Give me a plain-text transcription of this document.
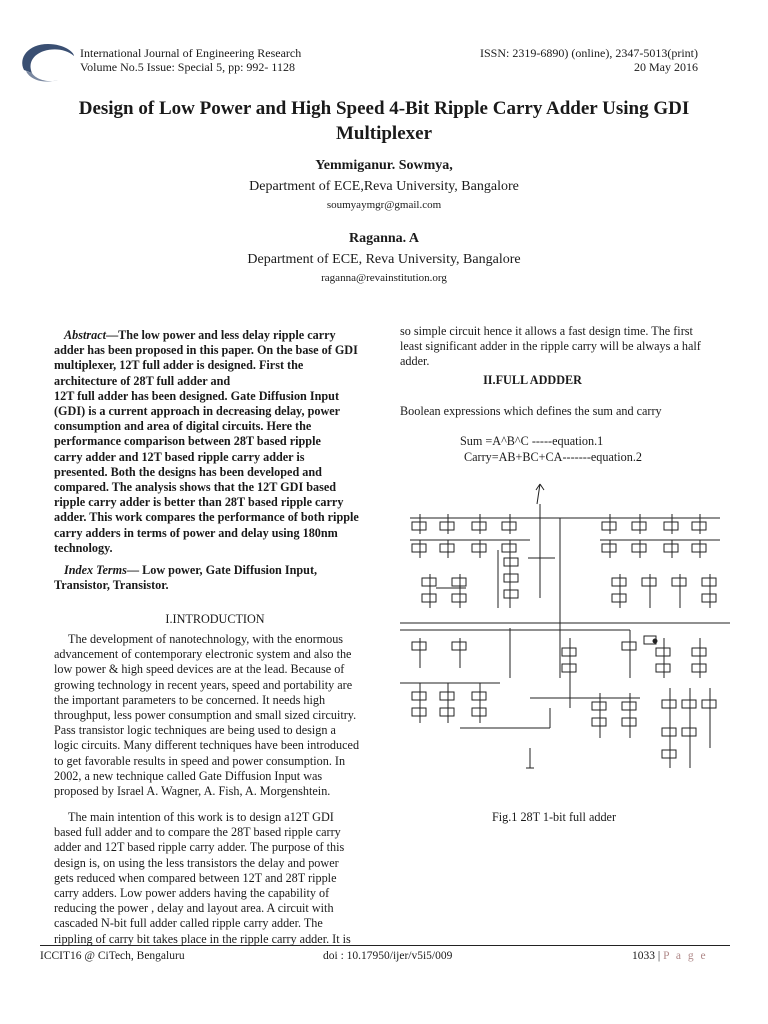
IJER
International Journal of Engineering Research
Volume No.5 Issue: Special 5, pp: 992- 1128
ISSN: 2319-6890) (online), 2347-5013(print)
20 May 2016
Design of Low Power and High Speed 4-Bit Ripple Carry Adder Using GDI
Multiplexer
Yemmiganur. Sowmya,
Department of ECE,Reva University, Bangalore
soumyaymgr@gmail.com
Raganna. A
Department of ECE, Reva University, Bangalore
raganna@revainstitution.org
Abstract—The low power and less delay ripple carry
adder has been proposed in this paper. On the base of GDI
multiplexer, 12T full adder is designed. First the
architecture of 28T full adder and
12T full adder has been designed. Gate Diffusion Input
(GDI) is a current approach in decreasing delay, power
consumption and area of digital circuits. Here the
performance comparison between 28T based ripple
carry adder and 12T based ripple carry adder is
presented. Both the designs has been developed and
compared. The analysis shows that the 12T GDI based
ripple carry adder is better than 28T based ripple carry
adder. This work compares the performance of both ripple
carry adders in terms of power and delay using 180nm
technology.
Index Terms— Low power, Gate Diffusion Input,
Transistor, Transistor.
I.INTRODUCTION
The development of nanotechnology, with the enormous
advancement of contemporary electronic system and also the
low power & high speed devices are at the lead. Because of
growing technology in recent years, speed and portability are
the important parameters to be concerned. It needs high
throughput, less power consumption and small sized circuitry.
Pass transistor logic techniques are being used to design a
logic circuits. Many different techniques have been introduced
to get favorable results in speed and power consumption. In
2002, a new technique called Gate Diffusion Input was
proposed by Israel A. Wagner, A. Fish, A. Morgenshtein.
The main intention of this work is to design a12T GDI
based full adder and to compare the 28T based ripple carry
adder and 12T based ripple carry adder. The purpose of this
design is, on using the less transistors the delay and power
gets reduced when compared between 12T and 28T ripple
carry adders. Low power adders having the capability of
reducing the power , delay and layout area. A circuit with
cascaded N-bit full adder called ripple carry adder. The
rippling of carry bit takes place in the ripple carry adder. It is
so simple circuit hence it allows a fast design time. The first
least significant adder in the ripple carry will be always a half
adder.
II.FULL ADDDER
Boolean expressions which defines the sum and carry
Sum =A^B^C -----equation.1
Carry=AB+BC+CA-------equation.2
Fig.1 28T 1-bit full adder
ICCIT16 @ CiTech, Bengaluru	doi : 10.17950/ijer/v5i5/009	1033 | P a g e
